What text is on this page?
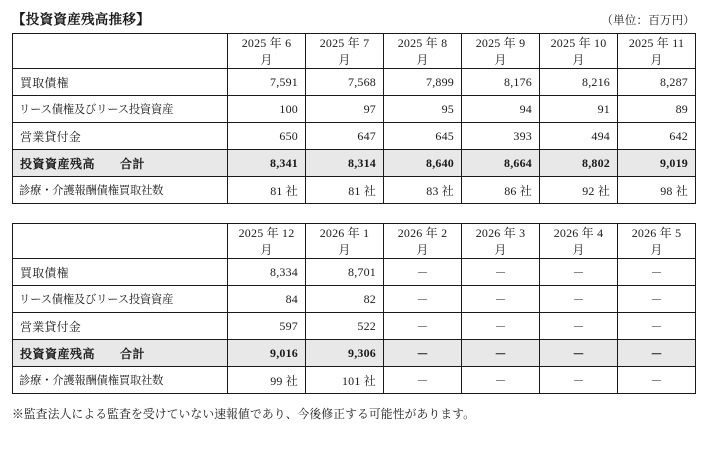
【投資資産残高推移】	（単位：百万円）
	2025 年 6 月	2025 年 7 月	2025 年 8 月	2025 年 9 月	2025 年 10 月	2025 年 11 月
買取債権	7,591	7,568	7,899	8,176	8,216	8,287
リース債権及びリース投資資産	100	97	95	94	91	89
営業貸付金	650	647	645	393	494	642
投資資産残高　　合計	8,341	8,314	8,640	8,664	8,802	9,019
診療・介護報酬債権買取社数	81 社	81 社	83 社	86 社	92 社	98 社
	2025 年 12 月	2026 年 1 月	2026 年 2 月	2026 年 3 月	2026 年 4 月	2026 年 5 月
買取債権	8,334	8,701	－	－	－	－
リース債権及びリース投資資産	84	82	－	－	－	－
営業貸付金	597	522	－	－	－	－
投資資産残高　　合計	9,016	9,306	－	－	－	－
診療・介護報酬債権買取社数	99 社	101 社	－	－	－	－
※監査法人による監査を受けていない速報値であり、今後修正する可能性があります。
